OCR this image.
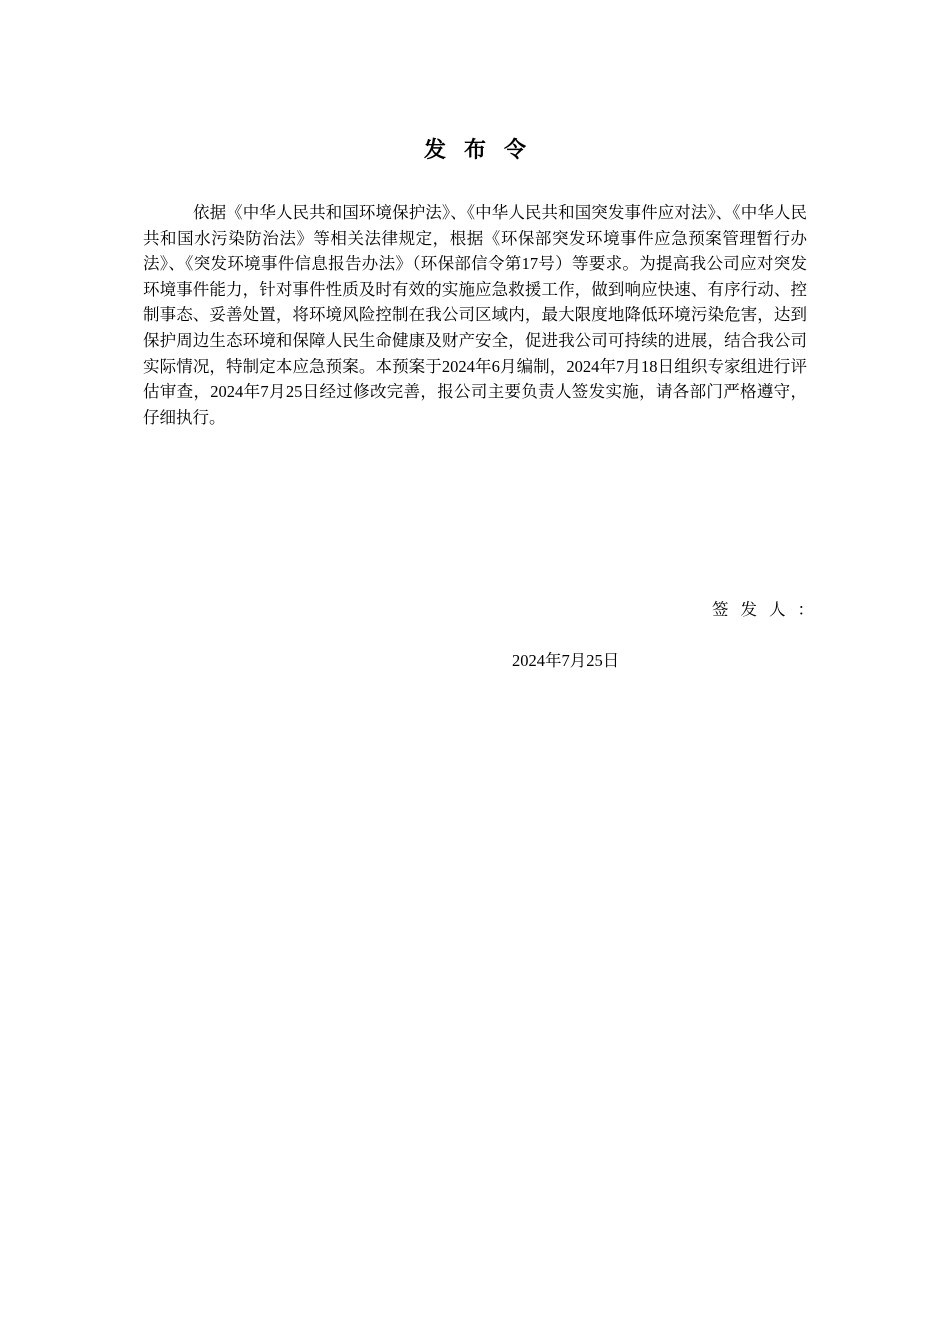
发布令

依据《中华人民共和国环境保护法》、《中华人民共和国突发事件应对法》、《中华人民共和国水污染防治法》等相关法律规定，根据《环保部突发环境事件应急预案管理暂行办法》、《突发环境事件信息报告办法》（环保部信令第17号）等要求。为提高我公司应对突发环境事件能力，针对事件性质及时有效的实施应急救援工作，做到响应快速、有序行动、控制事态、妥善处置，将环境风险控制在我公司区域内，最大限度地降低环境污染危害，达到保护周边生态环境和保障人民生命健康及财产安全，促进我公司可持续的进展，结合我公司实际情况，特制定本应急预案。本预案于2024年6月编制，2024年7月18日组织专家组进行评估审查，2024年7月25日经过修改完善，报公司主要负责人签发实施，请各部门严格遵守，仔细执行。

签发人：
2024年7月25日
